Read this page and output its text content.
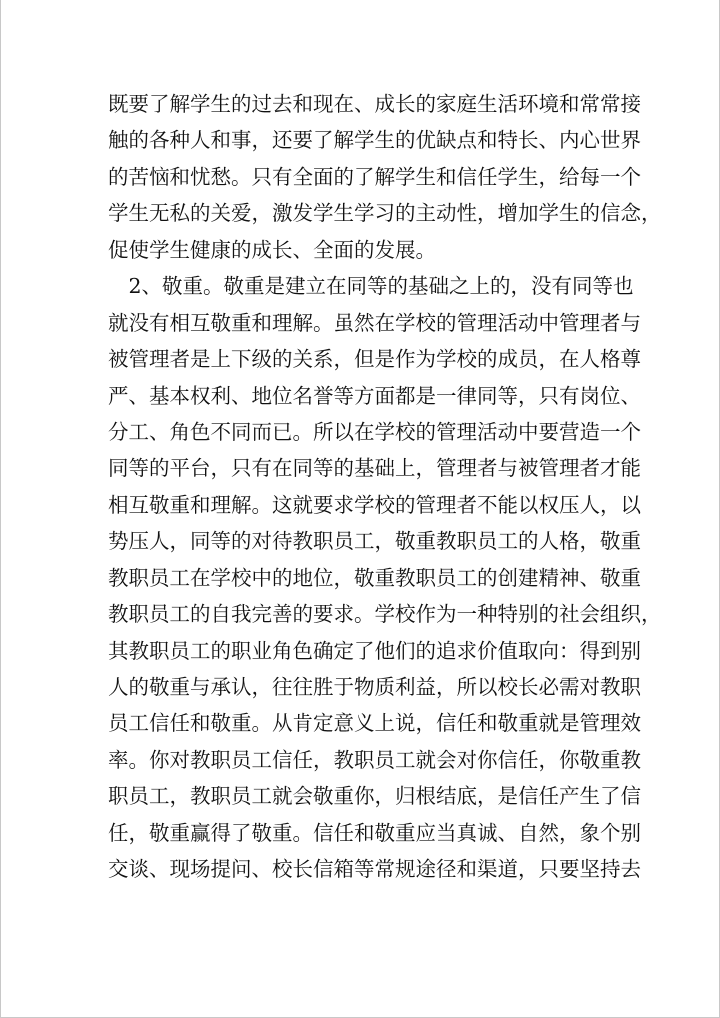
既要了解学生的过去和现在、成长的家庭生活环境和常常接
触的各种人和事，还要了解学生的优缺点和特长、内心世界
的苦恼和忧愁。只有全面的了解学生和信任学生，给每一个
学生无私的关爱，激发学生学习的主动性，增加学生的信念，
促使学生健康的成长、全面的发展。
　2、敬重。敬重是建立在同等的基础之上的，没有同等也
就没有相互敬重和理解。虽然在学校的管理活动中管理者与
被管理者是上下级的关系，但是作为学校的成员，在人格尊
严、基本权利、地位名誉等方面都是一律同等，只有岗位、
分工、角色不同而已。所以在学校的管理活动中要营造一个
同等的平台，只有在同等的基础上，管理者与被管理者才能
相互敬重和理解。这就要求学校的管理者不能以权压人，以
势压人，同等的对待教职员工，敬重教职员工的人格，敬重
教职员工在学校中的地位，敬重教职员工的创建精神、敬重
教职员工的自我完善的要求。学校作为一种特别的社会组织，
其教职员工的职业角色确定了他们的追求价值取向：得到别
人的敬重与承认，往往胜于物质利益，所以校长必需对教职
员工信任和敬重。从肯定意义上说，信任和敬重就是管理效
率。你对教职员工信任，教职员工就会对你信任，你敬重教
职员工，教职员工就会敬重你，归根结底，是信任产生了信
任，敬重赢得了敬重。信任和敬重应当真诚、自然，象个别
交谈、现场提问、校长信箱等常规途径和渠道，只要坚持去
